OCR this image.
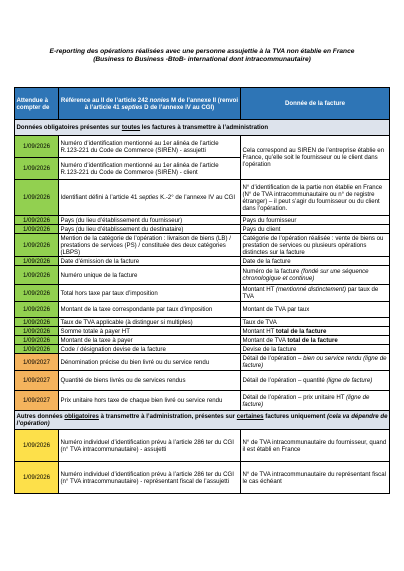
E-reporting des opérations réalisées avec une personne assujettie à la TVA non établie en France
(Business to Business -BtoB- international dont intracommunautaire)
Attendue à compter de	Référence au II de l’article 242 nonies M de l’annexe II (renvoi à l’article 41 septies D de l’annexe IV au CGI)	Donnée de la facture
Données obligatoires présentes sur toutes les factures à transmettre à l’administration		
1/09/2026	Numéro d’identification mentionné au 1er alinéa de l’article R.123-221 du Code de Commerce (SIREN) - assujetti	Cela correspond au SIREN de l’entreprise établie en France, qu’elle soit le fournisseur ou le client dans l’opération
1/09/2026	Numéro d’identification mentionné au 1er alinéa de l’article R.123-221 du Code de Commerce (SIREN) - client	
1/09/2026	Identifiant défini à l’article 41 septies K.-2° de l’annexe IV au CGI	N° d’identification de la partie non établie en France (N° de TVA intracommunautaire ou n° de registre étranger) – il peut s’agir du fournisseur ou du client dans l’opération.
1/09/2026	Pays (du lieu d’établissement du fournisseur)	Pays du fournisseur
1/09/2026	Pays (du lieu d’établissement du destinataire)	Pays du client
1/09/2026	Mention de la catégorie de l’opération : livraison de biens (LB) / prestations de services (PS) / constituée des deux catégories (LBPS)	Catégorie de l’opération réalisée : vente de biens ou prestation de services ou plusieurs opérations distinctes sur la facture
1/09/2026	Date d’émission de la facture	Date de la facture
1/09/2026	Numéro unique de la facture	Numéro de la facture (fondé sur une séquence chronologique et continue)
1/09/2026	Total hors taxe par taux d’imposition	Montant HT (mentionné distinctement) par taux de TVA
1/09/2026	Montant de la taxe correspondante par taux d’imposition	Montant de TVA par taux
1/09/2026	Taux de TVA applicable (à distinguer si multiples)	Taux de TVA
1/09/2026	Somme totale à payer HT	Montant HT total de la facture
1/09/2026	Montant de la taxe à payer	Montant de TVA total de la facture
1/09/2026	Code / désignation devise de la facture	Devise de la facture
1/09/2027	Dénomination précise du bien livré ou du service rendu	Détail de l’opération – bien ou service rendu (ligne de facture)
1/09/2027	Quantité de biens livrés ou de services rendus	Détail de l’opération – quantité (ligne de facture)
1/09/2027	Prix unitaire hors taxe de chaque bien livré ou service rendu	Détail de l’opération – prix unitaire HT (ligne de facture)
Autres données obligatoires à transmettre à l’administration, présentes sur certaines factures uniquement (cela va dépendre de l’opération)		
1/09/2026	Numéro individuel d’identification prévu à l’article 286 ter du CGI (n° TVA intracommunautaire) - assujetti	N° de TVA intracommunautaire du fournisseur, quand il est établi en France
1/09/2026	Numéro individuel d’identification prévu à l’article 286 ter du CGI (n° TVA intracommunautaire) - représentant fiscal de l’assujetti	N° de TVA intracommunautaire du représentant fiscal le cas échéant
